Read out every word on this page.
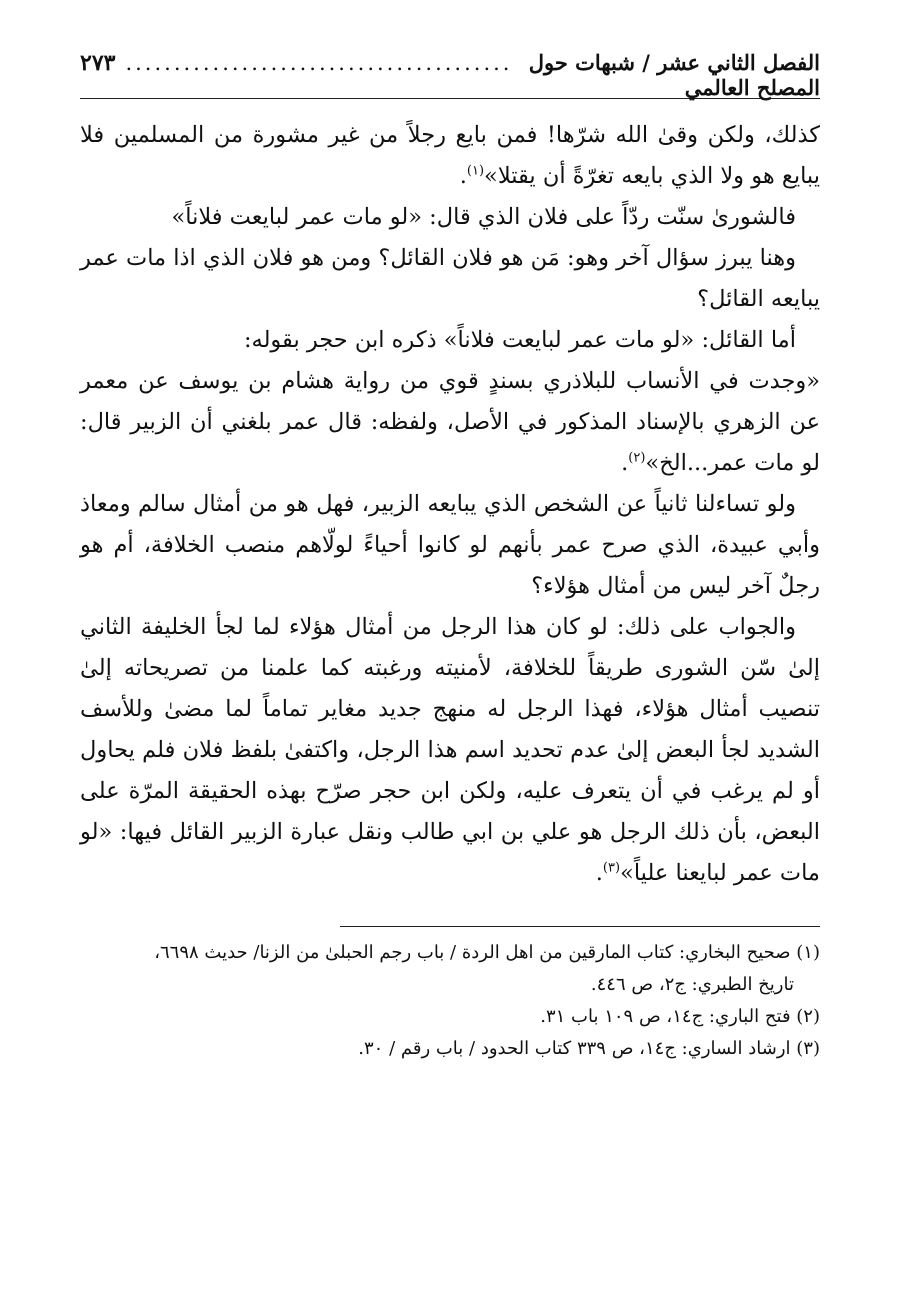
الفصل الثاني عشر / شبهات حول المصلح العالمي
........................................
٢٧٣

كذلك، ولكن وقىٰ الله شرّها! فمن بايع رجلاً من غير مشورة من المسلمين فلا يبايع هو ولا الذي بايعه تغرّةً أن يقتلا»$^{(١)}$.

فالشورىٰ سنّت ردّاً على فلان الذي قال: «لو مات عمر لبايعت فلاناً»

وهنا يبرز سؤال آخر وهو: مَن هو فلان القائل؟ ومن هو فلان الذي اذا مات عمر يبايعه القائل؟

أما القائل: «لو مات عمر لبايعت فلاناً» ذكره ابن حجر بقوله:

«وجدت في الأنساب للبلاذري بسندٍ قوي من رواية هشام بن يوسف عن معمر عن الزهري بالإسناد المذكور في الأصل، ولفظه: قال عمر بلغني أن الزبير قال: لو مات عمر...الخ»$^{(٢)}$.

ولو تساءلنا ثانياً عن الشخص الذي يبايعه الزبير، فهل هو من أمثال سالم ومعاذ وأبي عبيدة، الذي صرح عمر بأنهم لو كانوا أحياءً لولّاهم منصب الخلافة، أم هو رجلٌ آخر ليس من أمثال هؤلاء؟

والجواب على ذلك: لو كان هذا الرجل من أمثال هؤلاء لما لجأ الخليفة الثاني إلىٰ سّن الشورى طريقاً للخلافة، لأمنيته ورغبته كما علمنا من تصريحاته إلىٰ تنصيب أمثال هؤلاء، فهذا الرجل له منهج جديد مغاير تماماً لما مضىٰ وللأسف الشديد لجأ البعض إلىٰ عدم تحديد اسم هذا الرجل، واكتفىٰ بلفظ فلان فلم يحاول أو لم يرغب في أن يتعرف عليه، ولكن ابن حجر صرّح بهذه الحقيقة المرّة على البعض، بأن ذلك الرجل هو علي بن ابي طالب ونقل عبارة الزبير القائل فيها: «لو مات عمر لبايعنا علياً»$^{(٣)}$.

(١) صحيح البخاري: كتاب المارقين من اهل الردة / باب رجم الحبلىٰ من الزنا/ حديث ٦٦٩٨،

تاريخ الطبري: ج٢، ص ٤٤٦.

(٢) فتح الباري: ج١٤، ص ١٠٩ باب ٣١.

(٣) ارشاد الساري: ج١٤، ص ٣٣٩ كتاب الحدود / باب رقم / ٣٠.
